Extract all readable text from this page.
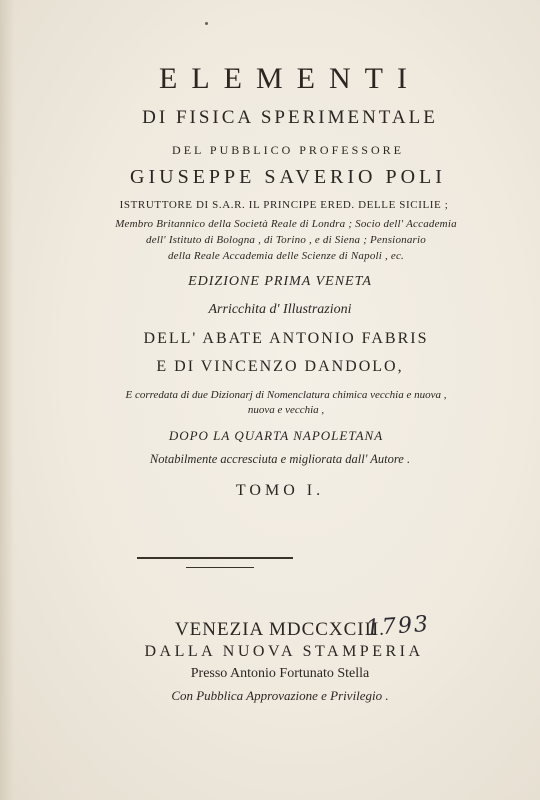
ELEMENTI
DI FISICA SPERIMENTALE
DEL PUBBLICO PROFESSORE
GIUSEPPE SAVERIO POLI
ISTRUTTORE DI S.A.R. IL PRINCIPE ERED. DELLE SICILIE ;
Membro Britannico della Società Reale di Londra ; Socio dell' Accademia
dell' Istituto di Bologna , di Torino , e di Siena ; Pensionario
della Reale Accademia delle Scienze di Napoli , ec.
EDIZIONE PRIMA VENETA
Arricchita d' Illustrazioni
DELL' ABATE ANTONIO FABRIS
E DI VINCENZO DANDOLO,
E corredata di due Dizionarj di Nomenclatura chimica vecchia e nuova ,
nuova e vecchia ,
DOPO LA QUARTA NAPOLETANA
Notabilmente accresciuta e migliorata dall' Autore .
TOMO I.
VENEZIA MDCCXCIII.
1793
DALLA NUOVA STAMPERIA
Presso Antonio Fortunato Stella
Con Pubblica Approvazione e Privilegio .
